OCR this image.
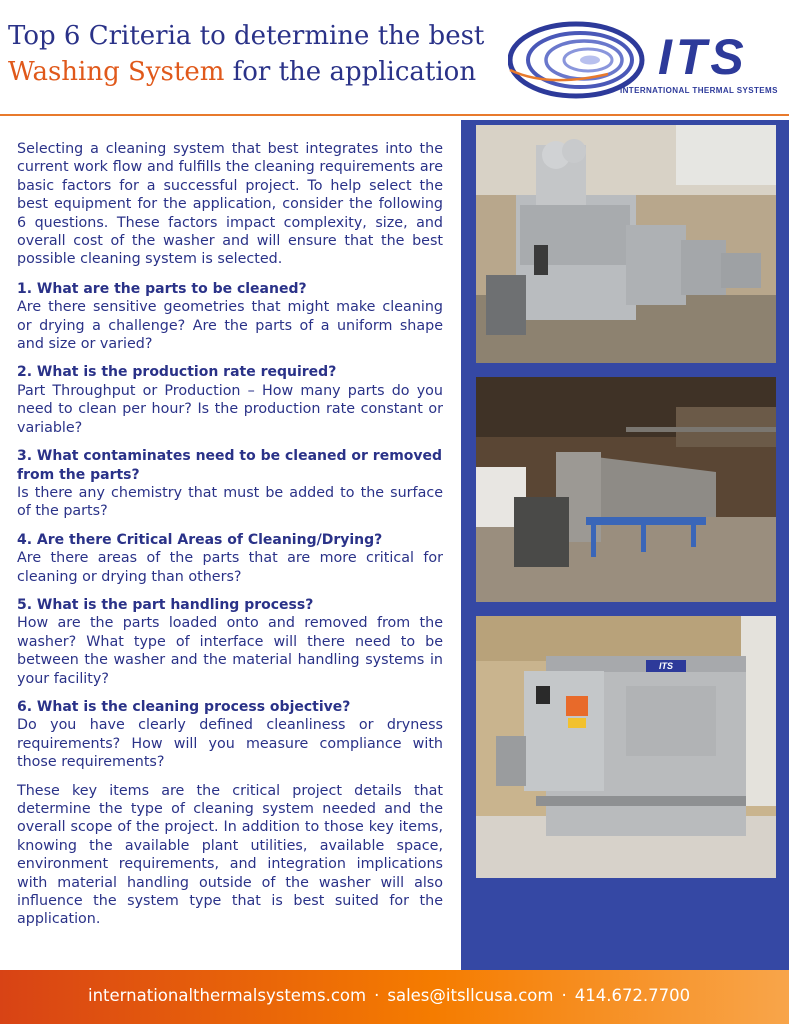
Top 6 Criteria to determine the best
Washing System for the application	ITS
INTERNATIONAL THERMAL SYSTEMS

Selecting a cleaning system that best integrates into the current work flow and fulfills the cleaning requirements are basic factors for a successful project. To help select the best equipment for the application, consider the following 6 questions. These factors impact complexity, size, and overall cost of the washer and will ensure that the best possible cleaning system is selected.

1. What are the parts to be cleaned?

Are there sensitive geometries that might make cleaning or drying a challenge? Are the parts of a uniform shape and size or varied?

2. What is the production rate required?

Part Throughput or Production – How many parts do you need to clean per hour? Is the production rate constant or variable?

3. What contaminates need to be cleaned or removed from the parts?

Is there any chemistry that must be added to the surface of the parts?

4. Are there Critical Areas of Cleaning/Drying?

Are there areas of the parts that are more critical for cleaning or drying than others?

5. What is the part handling process?

How are the parts loaded onto and removed from the washer? What type of interface will there need to be between the washer and the material handling systems in your facility?

6. What is the cleaning process objective?

Do you have clearly defined cleanliness or dryness requirements? How will you measure compliance with those requirements?

These key items are the critical project details that determine the type of cleaning system needed and the overall scope of the project. In addition to those key items, knowing the available plant utilities, available space, environment requirements, and integration implications with material handling outside of the washer will also influence the system type that is best suited for the application.

ITS
internationalthermalsystems.com · sales@itsllcusa.com · 414.672.7700
